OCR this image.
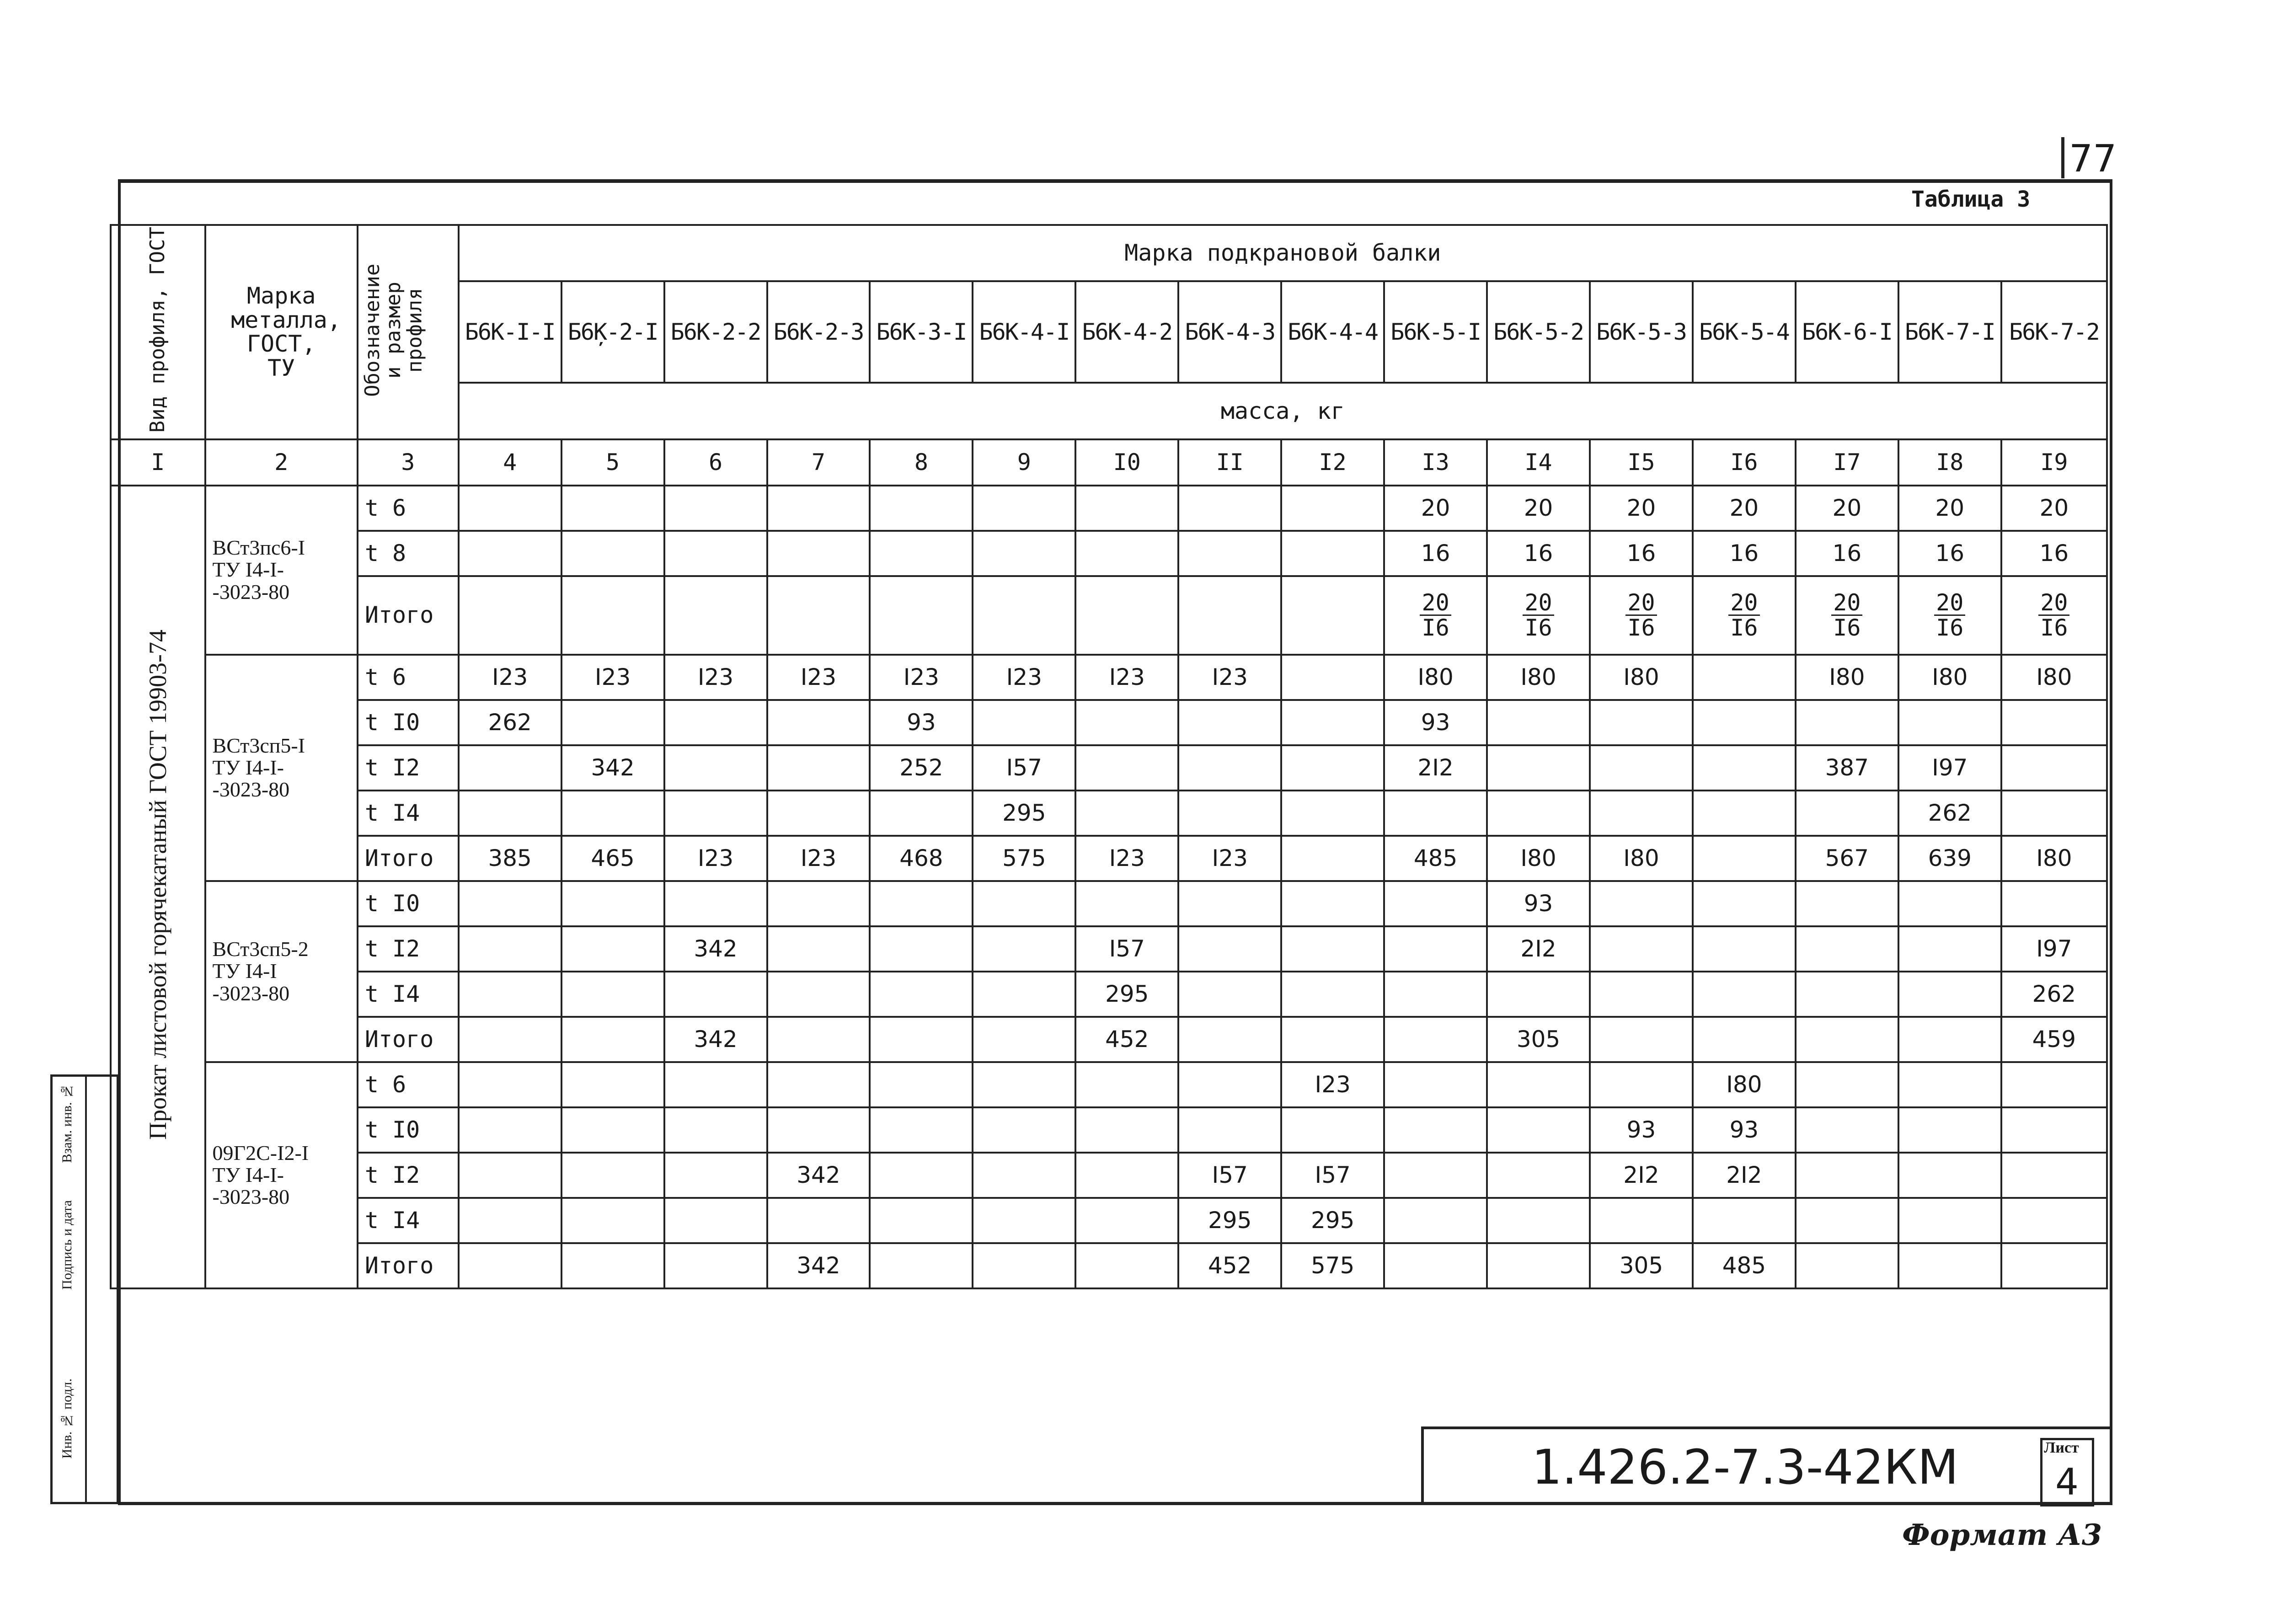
77
Таблица 3
Вид профиля, ГОСТ	Марка металла, ГОСТ, ТУ	Обозначение и размер профиля	Марка подкрановой балки															
			Б6К-I-I	Б6Ķ-2-I	Б6К-2-2	Б6К-2-3	Б6К-3-I	Б6К-4-I	Б6К-4-2	Б6К-4-3	Б6К-4-4	Б6К-5-I	Б6К-5-2	Б6К-5-3	Б6К-5-4	Б6К-6-I	Б6К-7-I	Б6К-7-2
			масса, кг															
I	2	3	4	5	6	7	8	9	I0	II	I2	I3	I4	I5	I6	I7	I8	I9
Прокат листовой горячекатаный ГОСТ 19903-74	ВСт3пс6-I
ТУ I4-I-
-3023-80	t 6										20	20	20	20	20	20	20
		t 8										16	16	16	16	16	16	16
		Итого										$\frac{20}{I6}$	$\frac{20}{I6}$	$\frac{20}{I6}$	$\frac{20}{I6}$	$\frac{20}{I6}$	$\frac{20}{I6}$	$\frac{20}{I6}$

	ВСт3сп5-I
ТУ I4-I-
-3023-80	t 6	I23	I23	I23	I23	I23	I23	I23	I23		I80	I80	I80		I80	I80	I80
		t I0	262				93					93						
		t I2		342			252	I57				2I2				387	I97	
		t I4						295									262	
		Итого	385	465	I23	I23	468	575	I23	I23		485	I80	I80		567	639	I80

	ВСт3сп5-2
ТУ I4-I
-3023-80	t I0											93					
		t I2			342				I57				2I2					I97
		t I4							295									262
		Итого			342				452				305					459

	09Г2С-I2-I
ТУ I4-I-
-3023-80	t 6									I23				I80			
		t I0												93	93			
		t I2				342				I57	I57			2I2	2I2			
		t I4								295	295							
		Итого				342				452	575			305	485			
Инв. № подл.
Подпись и дата
Взам. инв. №
1.426.2-7.3-42КМ	Лист
4
Формат А3
